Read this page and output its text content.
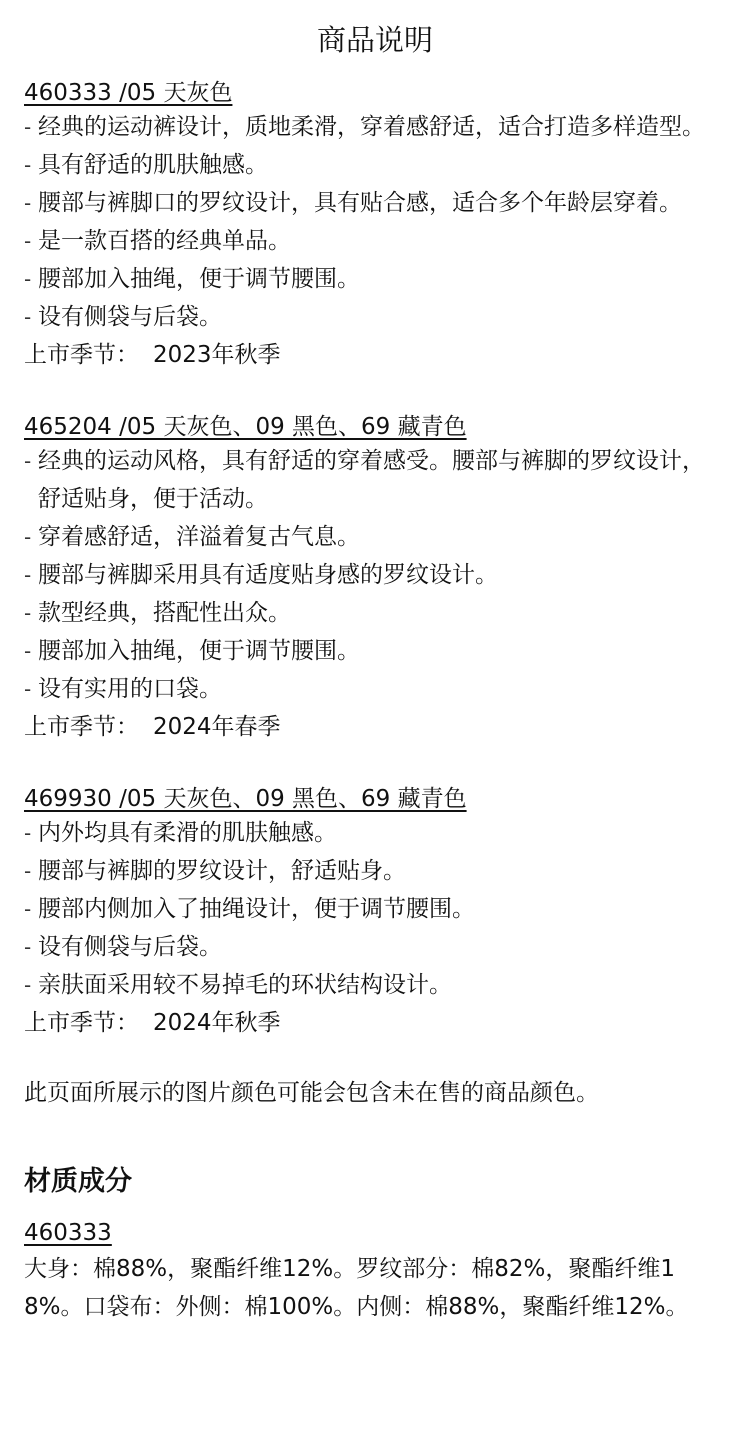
商品说明
460333 /05 天灰色
- 经典的运动裤设计，质地柔滑，穿着感舒适，适合打造多样造型。
- 具有舒适的肌肤触感。
- 腰部与裤脚口的罗纹设计，具有贴合感，适合多个年龄层穿着。
- 是一款百搭的经典单品。
- 腰部加入抽绳，便于调节腰围。
- 设有侧袋与后袋。

上市季节： 2023年秋季

465204 /05 天灰色、09 黑色、69 藏青色
- 经典的运动风格，具有舒适的穿着感受。腰部与裤脚的罗纹设计，舒适贴身，便于活动。
- 穿着感舒适，洋溢着复古气息。
- 腰部与裤脚采用具有适度贴身感的罗纹设计。
- 款型经典，搭配性出众。
- 腰部加入抽绳，便于调节腰围。
- 设有实用的口袋。

上市季节： 2024年春季

469930 /05 天灰色、09 黑色、69 藏青色
- 内外均具有柔滑的肌肤触感。
- 腰部与裤脚的罗纹设计，舒适贴身。
- 腰部内侧加入了抽绳设计，便于调节腰围。
- 设有侧袋与后袋。
- 亲肤面采用较不易掉毛的环状结构设计。

上市季节： 2024年秋季

此页面所展示的图片颜色可能会包含未在售的商品颜色。
材质成分
460333
大身：棉88%，聚酯纤维12%。罗纹部分：棉82%，聚酯纤维18%。口袋布：外侧：棉100%。内侧：棉88%，聚酯纤维12%。
